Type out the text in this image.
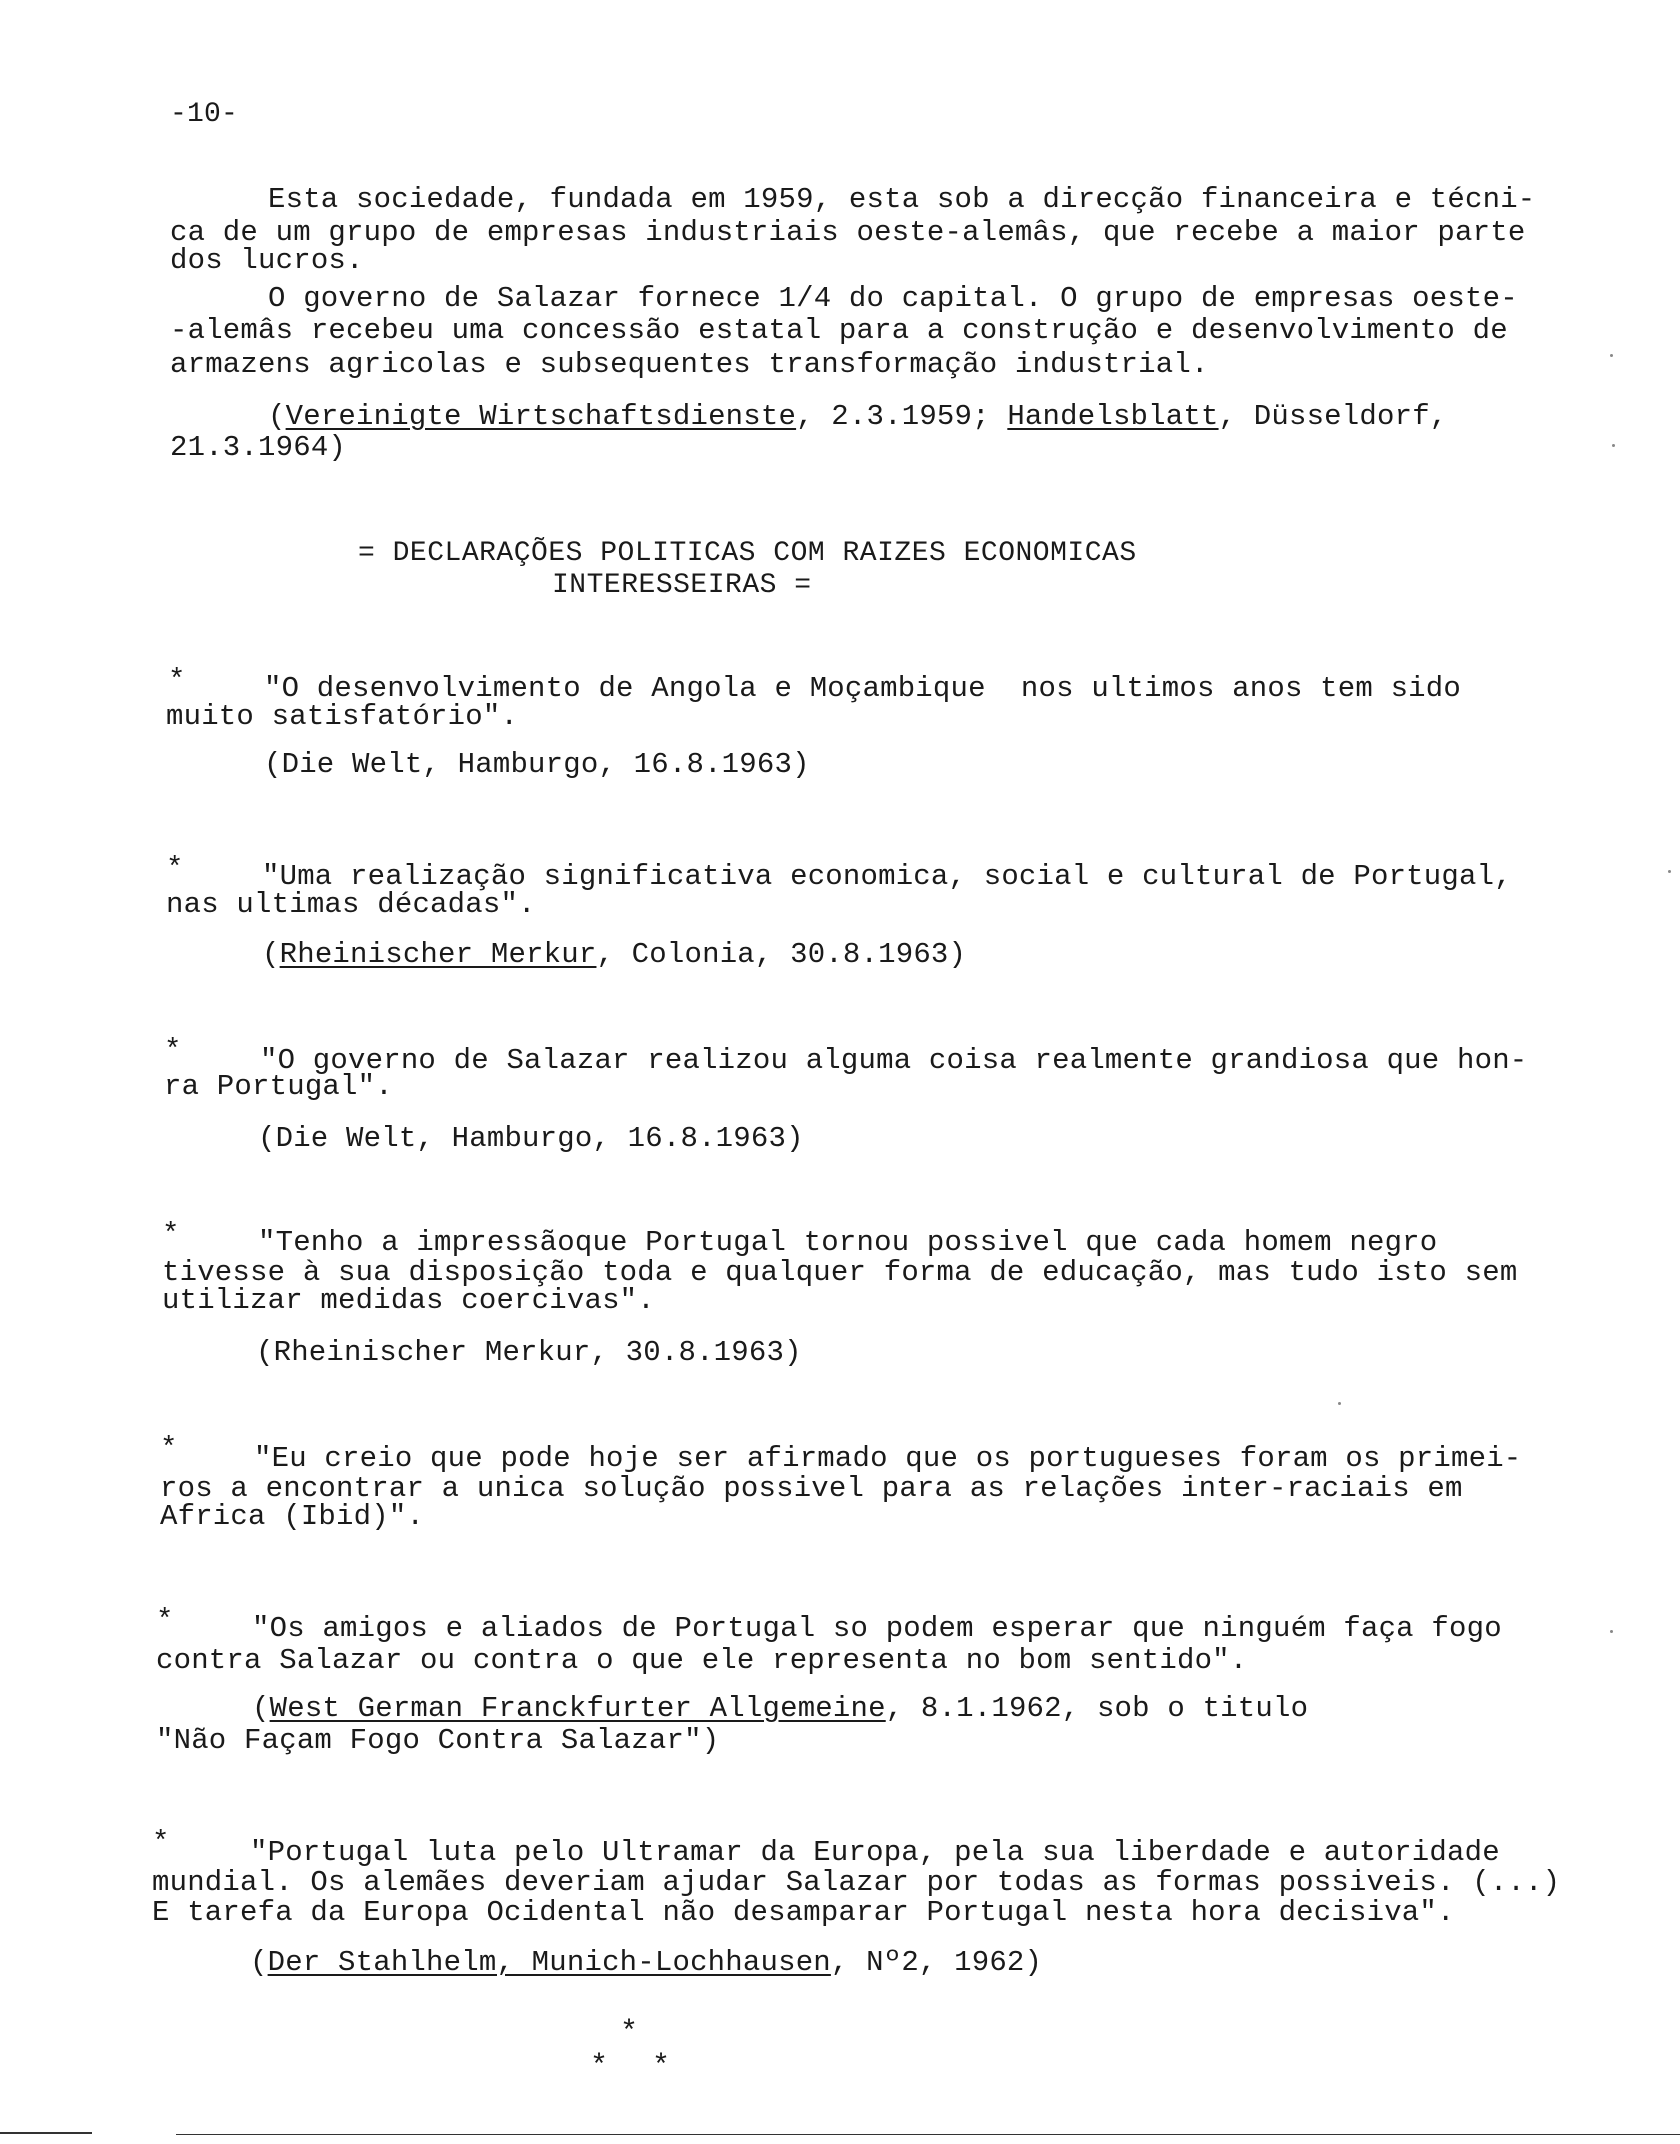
-10-
Esta sociedade, fundada em 1959, esta sob a direcção financeira e técni-
ca de um grupo de empresas industriais oeste-alemâs, que recebe a maior parte
dos lucros.
O governo de Salazar fornece 1/4 do capital. O grupo de empresas oeste-
-alemâs recebeu uma concessão estatal para a construção e desenvolvimento de
armazens agricolas e subsequentes transformação industrial.
(Vereinigte Wirtschaftsdienste, 2.3.1959; Handelsblatt, Düsseldorf,
21.3.1964)
= DECLARAÇÕES POLITICAS COM RAIZES ECONOMICAS
INTERESSEIRAS =
*	"O desenvolvimento de Angola e Moçambique  nos ultimos anos tem sido
muito satisfatório".
(Die Welt, Hamburgo, 16.8.1963)
*	"Uma realização significativa economica, social e cultural de Portugal,
nas ultimas décadas".
(Rheinischer Merkur, Colonia, 30.8.1963)
*	"O governo de Salazar realizou alguma coisa realmente grandiosa que hon-
ra Portugal".
(Die Welt, Hamburgo, 16.8.1963)
*	"Tenho a impressãoque Portugal tornou possivel que cada homem negro
tivesse à sua disposição toda e qualquer forma de educação, mas tudo isto sem
utilizar medidas coercivas".
(Rheinischer Merkur, 30.8.1963)
*	"Eu creio que pode hoje ser afirmado que os portugueses foram os primei-
ros a encontrar a unica solução possivel para as relações inter-raciais em
Africa (Ibid)".
*	"Os amigos e aliados de Portugal so podem esperar que ninguém faça fogo
contra Salazar ou contra o que ele representa no bom sentido".
(West German Franckfurter Allgemeine, 8.1.1962, sob o titulo
"Não Façam Fogo Contra Salazar")
*	"Portugal luta pelo Ultramar da Europa, pela sua liberdade e autoridade
mundial. Os alemães deveriam ajudar Salazar por todas as formas possiveis. (...)
E tarefa da Europa Ocidental não desamparar Portugal nesta hora decisiva".
(Der Stahlhelm, Munich-Lochhausen, Nº2, 1962)
*
* *
